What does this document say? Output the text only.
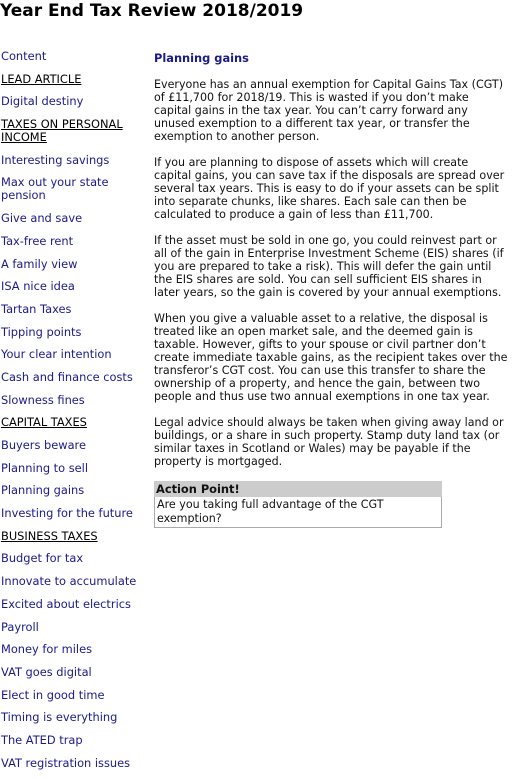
Year End Tax Review 2018/2019
Content
LEAD ARTICLE
Digital destiny
TAXES ON PERSONAL INCOME
Interesting savings
Max out your state pension
Give and save
Tax-free rent
A family view
ISA nice idea
Tartan Taxes
Tipping points
Your clear intention
Cash and finance costs
Slowness fines
CAPITAL TAXES
Buyers beware
Planning to sell
Planning gains
Investing for the future
BUSINESS TAXES
Budget for tax
Innovate to accumulate
Excited about electrics
Payroll
Money for miles
VAT goes digital
Elect in good time
Timing is everything
The ATED trap
VAT registration issues
Planning gains

Everyone has an annual exemption for Capital Gains Tax (CGT) of £11,700 for 2018/19. This is wasted if you don’t make capital gains in the tax year. You can’t carry forward any unused exemption to a different tax year, or transfer the exemption to another person.

If you are planning to dispose of assets which will create capital gains, you can save tax if the disposals are spread over several tax years. This is easy to do if your assets can be split into separate chunks, like shares. Each sale can then be calculated to produce a gain of less than £11,700.

If the asset must be sold in one go, you could reinvest part or all of the gain in Enterprise Investment Scheme (EIS) shares (if you are prepared to take a risk). This will defer the gain until the EIS shares are sold. You can sell sufficient EIS shares in later years, so the gain is covered by your annual exemptions.

When you give a valuable asset to a relative, the disposal is treated like an open market sale, and the deemed gain is taxable. However, gifts to your spouse or civil partner don’t create immediate taxable gains, as the recipient takes over the transferor’s CGT cost. You can use this transfer to share the ownership of a property, and hence the gain, between two people and thus use two annual exemptions in one tax year.

Legal advice should always be taken when giving away land or buildings, or a share in such property. Stamp duty land tax (or similar taxes in Scotland or Wales) may be payable if the property is mortgaged.

Action Point!
Are you taking full advantage of the CGT exemption?
